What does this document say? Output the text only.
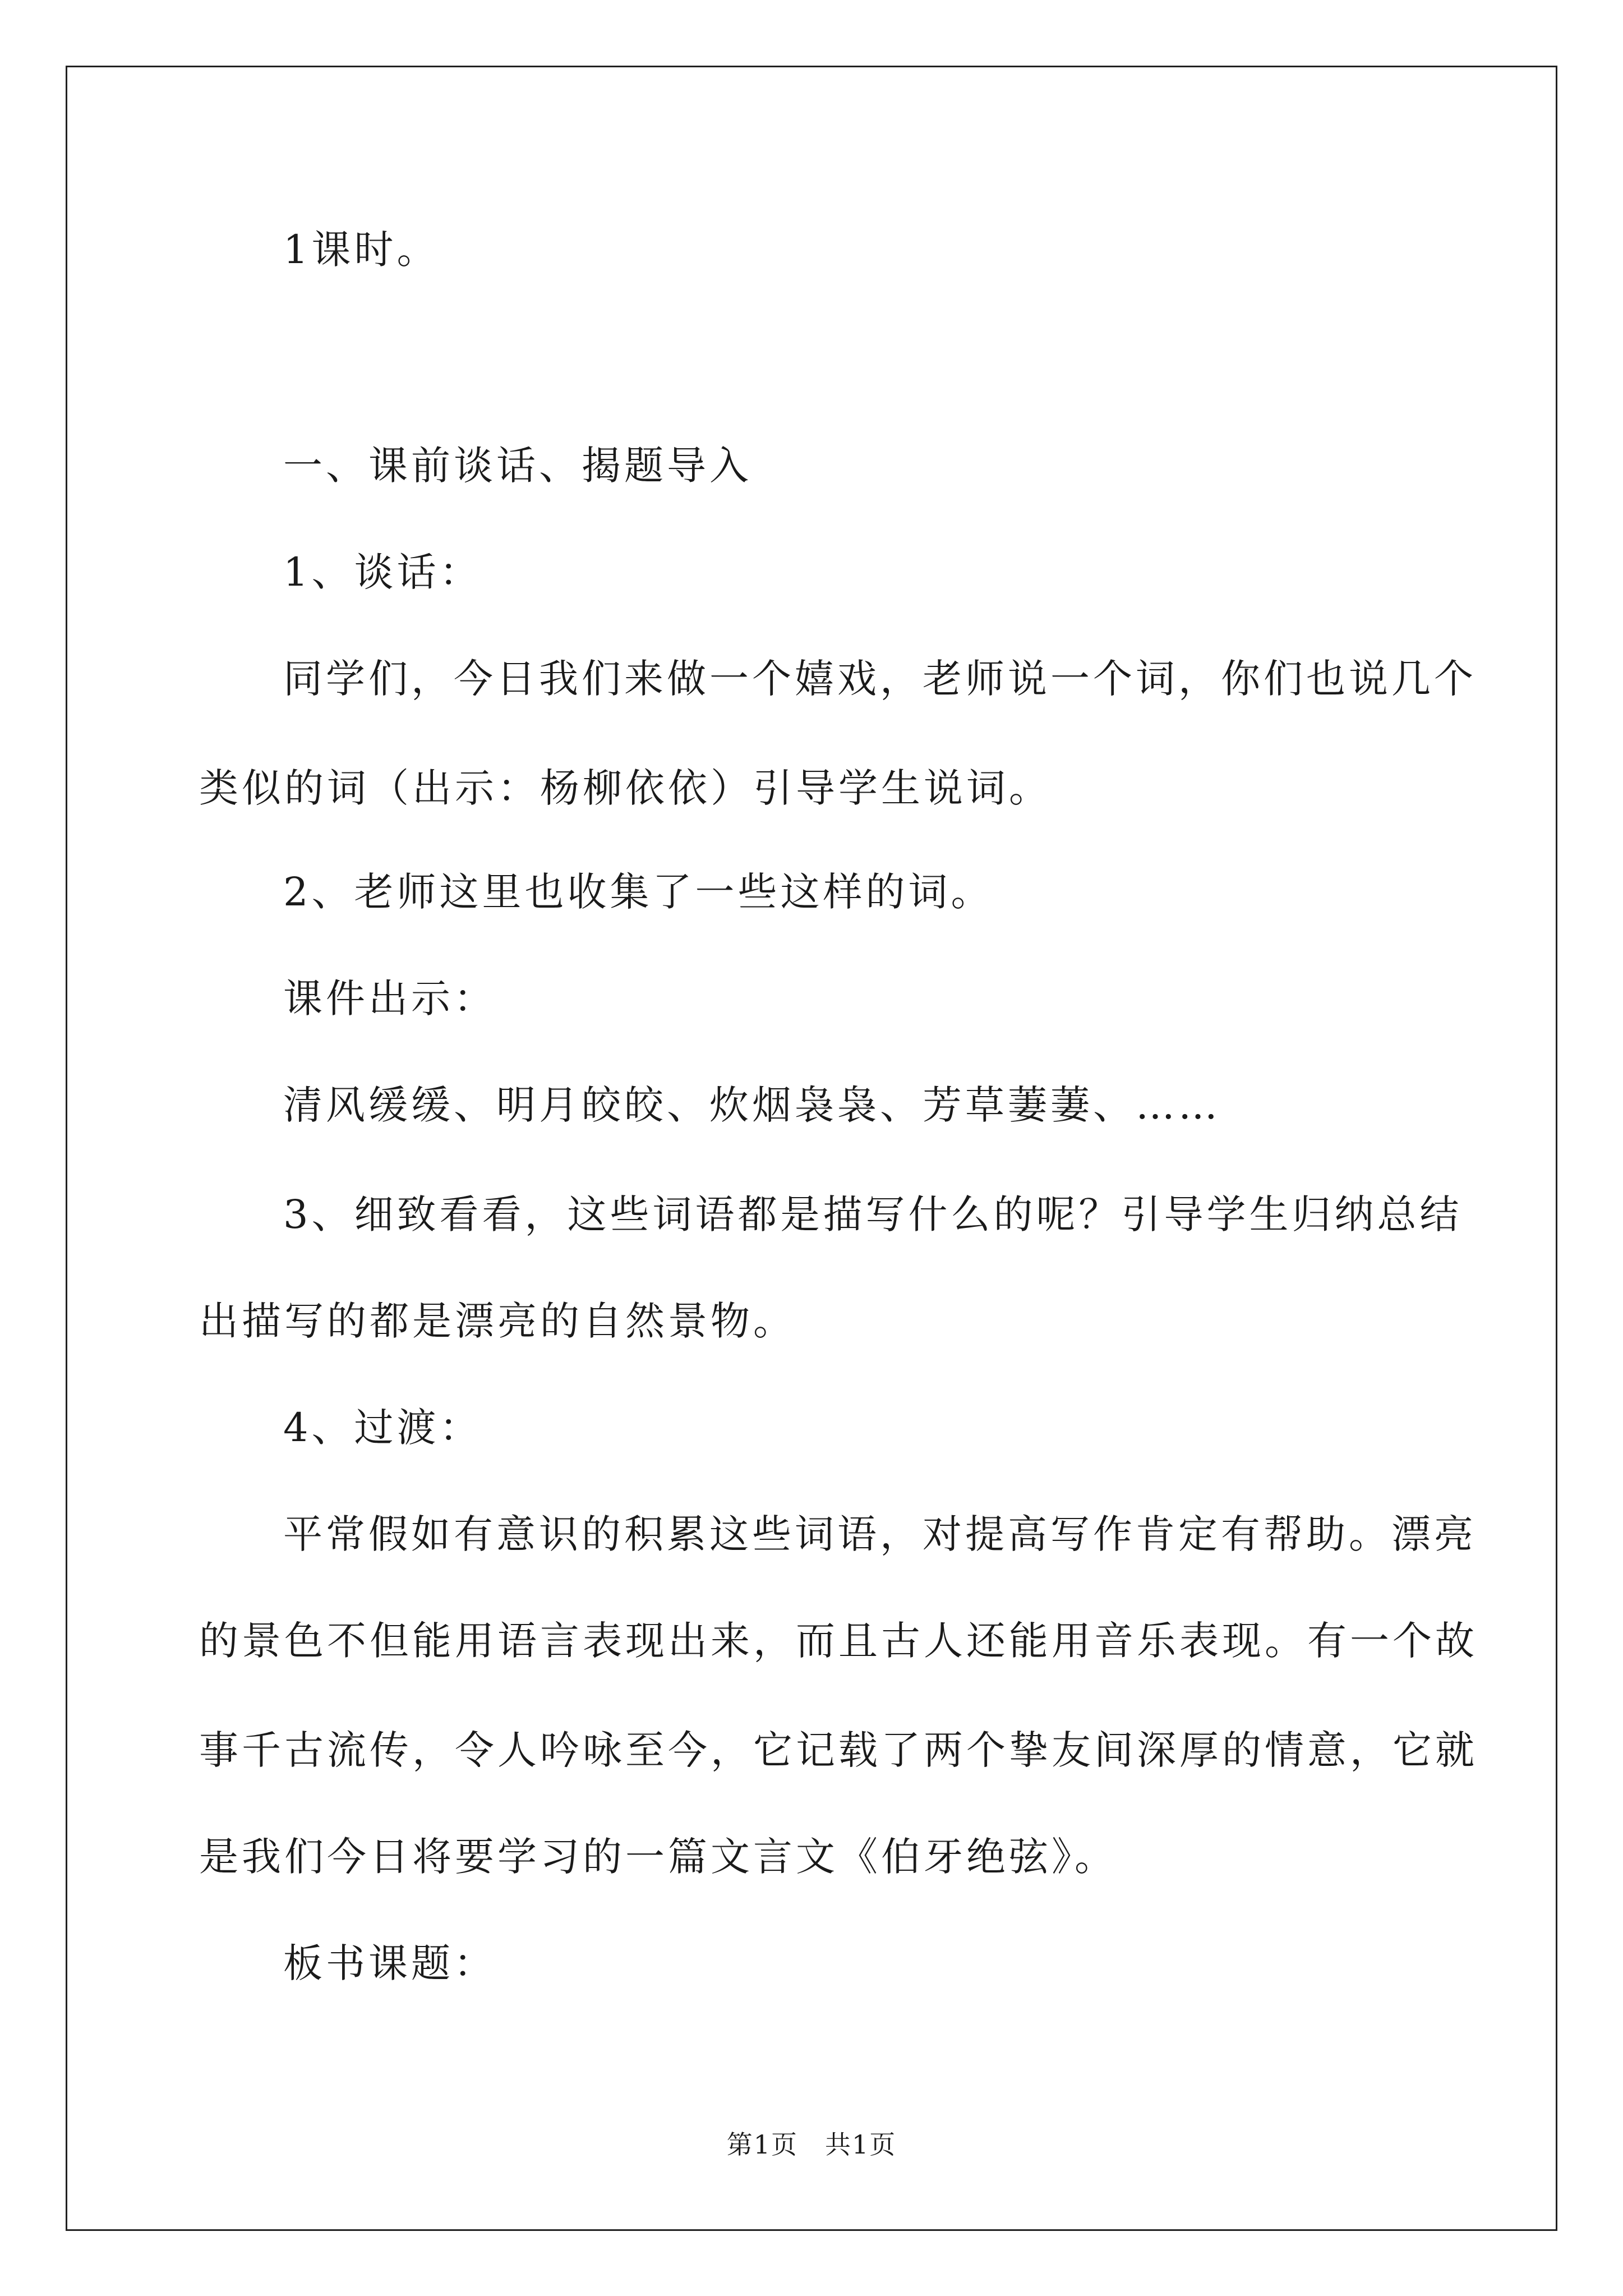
1课时。
一、课前谈话、揭题导入
1、谈话：
同学们，今日我们来做一个嬉戏，老师说一个词，你们也说几个
类似的词（出示：杨柳依依）引导学生说词。
2、老师这里也收集了一些这样的词。
课件出示：
清风缓缓、明月皎皎、炊烟袅袅、芳草萋萋、……
3、细致看看，这些词语都是描写什么的呢？引导学生归纳总结
出描写的都是漂亮的自然景物。
4、过渡：
平常假如有意识的积累这些词语，对提高写作肯定有帮助。漂亮
的景色不但能用语言表现出来，而且古人还能用音乐表现。有一个故
事千古流传，令人吟咏至今，它记载了两个挚友间深厚的情意，它就
是我们今日将要学习的一篇文言文《伯牙绝弦》。
板书课题：
第1页　共1页
